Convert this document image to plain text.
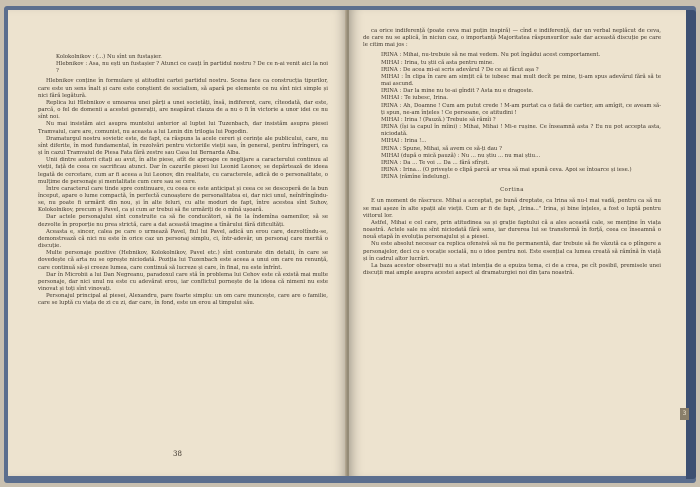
Kolokolnikov : (...) Nu sînt un fustașier.

Hlebnikov : Asa, nu ești un fustașier ? Atunci ce cauți în partidul nostru ? De ce n-ai venit aici la noi ?

Hlebnikov conține în formulare și atitudini cartei partidul nostru. Scena face ca construcția tipurilor, care este un sens înalt și care este conștient de socialism, să apară pe elemente ce nu sînt nici simple și nici fără legătură.

Replica lui Hlebnikov e umoarea unei părți a unei societăți, însă, indiferent, care, cîteodată, dar este, parcă, o fel de domenii a acestei generații, are neapărat clauza de a nu o fi în victorie a unor idei ce nu sînt noi.

Nu mai insistăm aici asupra muntelui anterior al luptei lui Tuzenbach, dar insistăm asupra piesei Tramvaiul, care are, comunist, nu aceasta a lui Lenin din trilogia lui Pogodin.

Dramaturgul nostru sovietic este, de fapt, ca răspuns la acele cereri și cerințe ale publicului, care, nu sînt diferite, în mod fundamental, în rezolvări pentru victoriile vieții sau, în general, pentru înfrîngeri, ca și în cazul Tramvaiul de Piesa Fata fără zestre sau Casa lui Bernarda Alba.

Unii dintre autorii citați au avut, în alte piese, atît de aproape ce neglijare a caracterului continuu al vieții, față de ceea ce sacrificau atunci. Dar în cazurile piesei lui Leonid Leonov, se depărtează de ideea legată de cercetare, cum ar fi aceea a lui Leonov, din realitate, cu caracterele, adică de o personalitate, o mulțime de personaje și mentalitate cum cere sau se cere.

Între caracterul care tinde spre continuare, cu ceea ce este anticipat și ceea ce se descoperă de la bun început, apare o lume compactă, în perfectă cunoaștere de personalitatea ei, dar nici unul, neînfrîngîndu-se, nu poate fi urmărit din nou, și în alte feluri, cu alte moduri de fapt, între acestea sînt Suhov, Kolokolnikov, precum și Pavel, ca și cum ar trebui să fie urmăriți de o mînă ușoară.

Dar actele personajului sînt construite ca să fie conducători, să fie la îndemîna oamenilor, să se dezvolte în proporție nu prea strictă, care a dat această imagine a tînărului fără dificultăți.

Aceasta e, sincer, calea pe care o urmează Pavel, fiul lui Pavel, adică un erou care, dezvoltîndu-se, demonstrează că nici nu este în orice caz un personaj simplu, ci, într-adevăr, un personaj care merită o discuție.

Multe personaje pozitive (Hebnikov, Kolokolnikov, Pavel etc.) sînt conturate din detalii, în care se dovedește că arta nu se oprește niciodată. Poziția lui Tuzenbach este aceea a unui om care nu renunță, care continuă să-și creeze lumea, care continuă să lucreze și care, în final, nu este înfrînt.

Dar în Microbii a lui Dan Negreanu, paradoxul care stă în problema lui Cehov este că există mai multe personaje, dar nici unul nu este cu adevărat erou, iar conflictul pornește de la ideea că nimeni nu este vinovat și toți sînt vinovați.

Personajul principal al piesei, Alexandru, pare foarte simplu: un om care muncește, care are o familie, care se luptă cu viața de zi cu zi, dar care, în fond, este un erou al timpului său.

38

ca orice indiferență (poate ceva mai puțin inspiră) — cînd e indiferență, dar un verbal neplăcut de ceva, de care nu se aplică, în niciun caz, o importanță Majoritatea răspunsurilor sale dar această discuție pe care le citim mai jos :

IRINA : Mihai, nu-trebuie să ne mai vedem. Nu pot îngădui acest comportament.

MIHAI : Irina, tu știi că asta pentru mine.

IRINA : De acea mi-ai scris adevărul ? De ce ai făcut așa ?

MIHAI : În clipa în care am simțit că te iubesc mai mult decît pe mine, ți-am spus adevărul fără să te mai ascund.

IRINA : Dar la mine nu te-ai gîndit ? Asta nu e dragoste.

MIHAI : Te iubesc, Irina.

IRINA : Ah, Doamne ! Cum am putut crede ! M-am purtat ca o fată de cartier, am amîgit, ce aveam să-ți spun, ne-am înțeles ! Ce persoane, ce atitudini !

MIHAI : Irina ! (Pauză.) Trebuie să rămîi ?

IRINA (își ia capul în mîini) : Mihai, Mihai ! Mi-e rușine. Ce înseamnă asta ? Eu nu pot accepta asta, niciodată.

MIHAI : Irina !...

IRINA : Spune, Mihai, să avem ce să-ți dau ?

MIHAI (după o mică pauză) : Nu ... nu știu ... nu mai știu...

IRINA : Da ... Te voi ... Da ... fără sfîrșit.

IRINA : Irina... (O privește o clipă parcă ar vrea să mai spună ceva. Apoi se întoarce și iese.)

IRINA (rămîne îndelung).

Cortina

E un moment de răscruce. Mihai a acceptat, pe bună dreptate, ca Irina să nu-l mai vadă, pentru ca să nu se mai așeze în alte spații ale vieții. Cum ar fi de fapt, „Irina..." Irina, și bine înțeles, a fost o luptă pentru viitorul lor.

Astfel, Mihai e cel care, prin atitudinea sa și grație faptului că a ales această cale, se menține în viața noastră. Actele sale nu sînt niciodată fără sens, iar durerea lui se transformă în forță, ceea ce înseamnă o nouă etapă în evoluția personajului și a piesei.

Nu este absolut necesar ca replica ofensivă să nu fie permanentă, dar trebuie să fie văzută ca o plîngere a personajelor, deci cu o vocație socială, nu o idee pentru noi. Este esențial ca lumea creată să rămînă în viață și în cadrul altor lucrări.

La baza acestor observații nu a stat intenția de a epuiza tema, ci de a crea, pe cît posibil, premisele unei discuții mai ample asupra acestei aspect al dramaturgiei noi din țara noastră.

3
